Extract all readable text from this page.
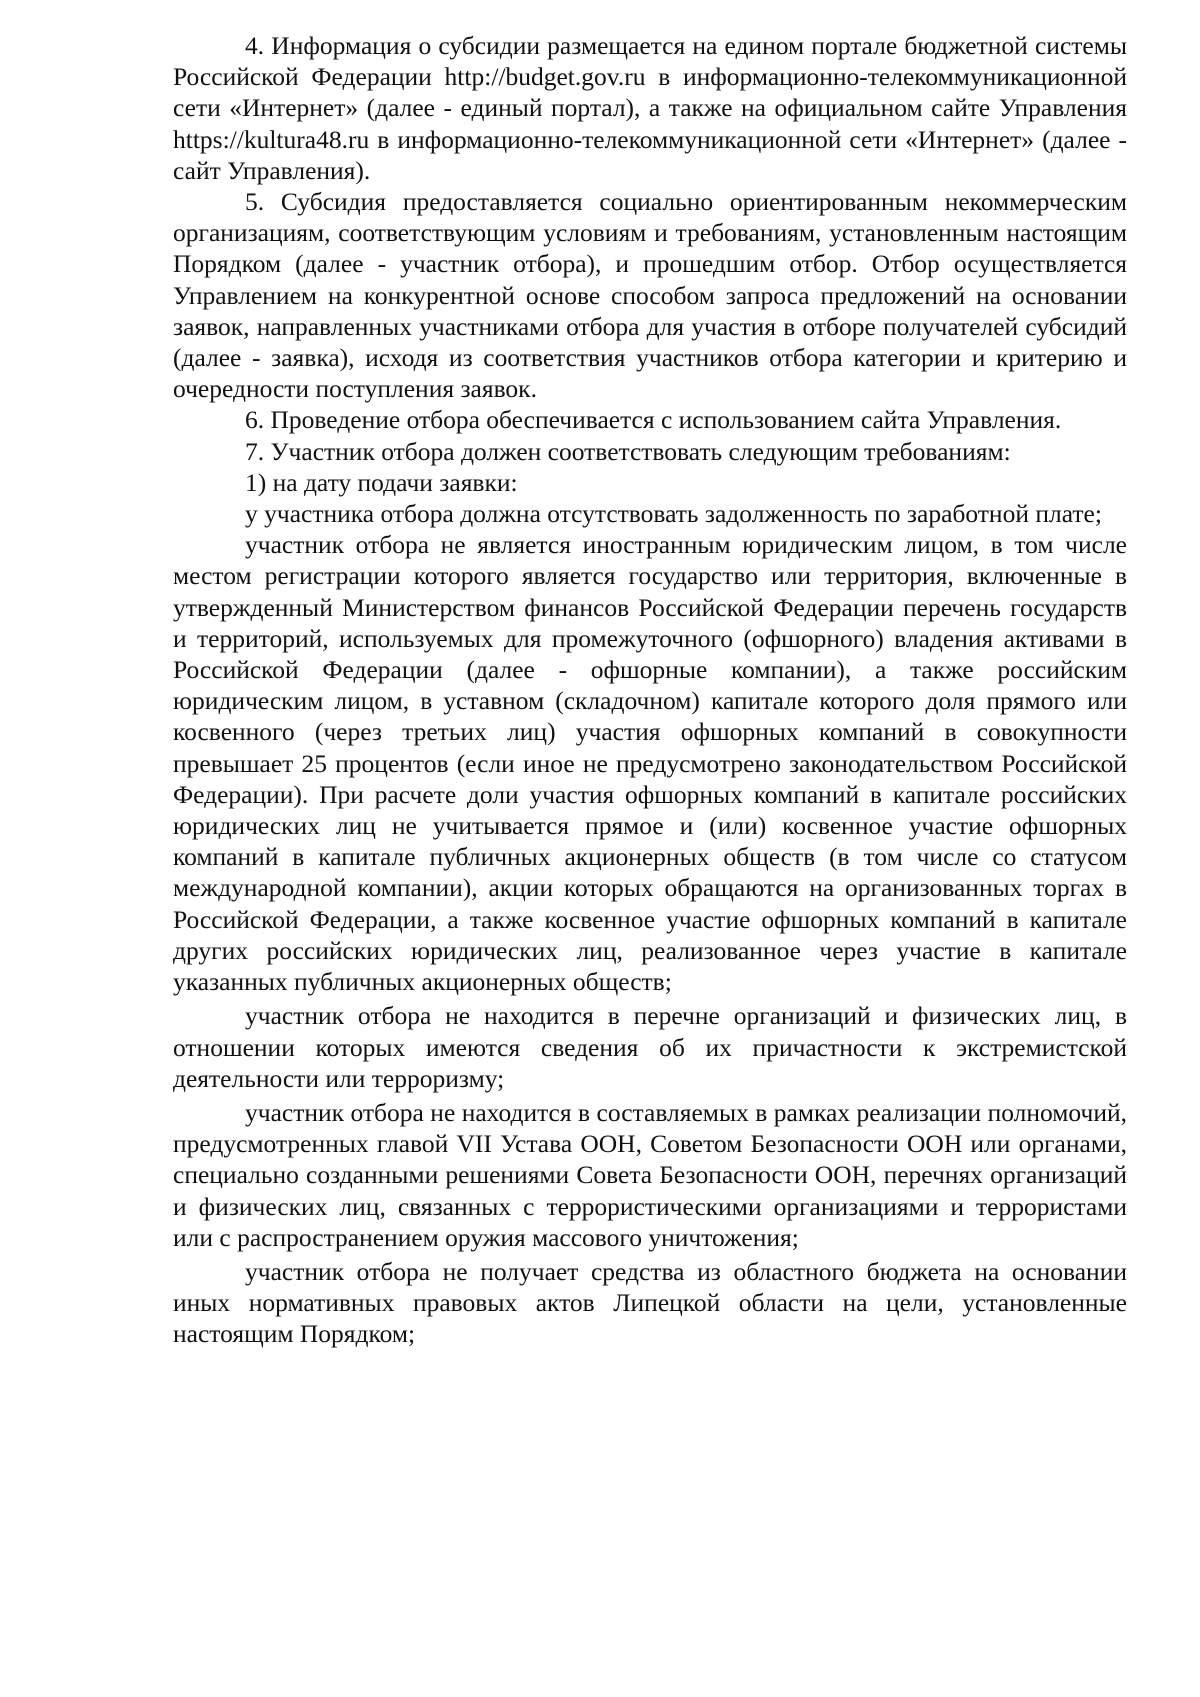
4. Информация о субсидии размещается на едином портале бюджетной системы Российской Федерации http://budget.gov.ru в информационно-телекоммуникационной сети «Интернет» (далее - единый портал), а также на официальном сайте Управления https://kultura48.ru в информационно-телекоммуникационной сети «Интернет» (далее - сайт Управления).

5. Субсидия предоставляется социально ориентированным некоммерческим организациям, соответствующим условиям и требованиям, установленным настоящим Порядком (далее - участник отбора), и прошедшим отбор. Отбор осуществляется Управлением на конкурентной основе способом запроса предложений на основании заявок, направленных участниками отбора для участия в отборе получателей субсидий (далее - заявка), исходя из соответствия участников отбора категории и критерию и очередности поступления заявок.

6. Проведение отбора обеспечивается с использованием сайта Управления.

7. Участник отбора должен соответствовать следующим требованиям:

1) на дату подачи заявки:

у участника отбора должна отсутствовать задолженность по заработной плате;

участник отбора не является иностранным юридическим лицом, в том числе местом регистрации которого является государство или территория, включенные в утвержденный Министерством финансов Российской Федерации перечень государств и территорий, используемых для промежуточного (офшорного) владения активами в Российской Федерации (далее - офшорные компании), а также российским юридическим лицом, в уставном (складочном) капитале которого доля прямого или косвенного (через третьих лиц) участия офшорных компаний в совокупности превышает 25 процентов (если иное не предусмотрено законодательством Российской Федерации). При расчете доли участия офшорных компаний в капитале российских юридических лиц не учитывается прямое и (или) косвенное участие офшорных компаний в капитале публичных акционерных обществ (в том числе со статусом международной компании), акции которых обращаются на организованных торгах в Российской Федерации, а также косвенное участие офшорных компаний в капитале других российских юридических лиц, реализованное через участие в капитале указанных публичных акционерных обществ;

участник отбора не находится в перечне организаций и физических лиц, в отношении которых имеются сведения об их причастности к экстремистской деятельности или терроризму;

участник отбора не находится в составляемых в рамках реализации полномочий, предусмотренных главой VII Устава ООН, Советом Безопасности ООН или органами, специально созданными решениями Совета Безопасности ООН, перечнях организаций и физических лиц, связанных с террористическими организациями и террористами или с распространением оружия массового уничтожения;

участник отбора не получает средства из областного бюджета на основании иных нормативных правовых актов Липецкой области на цели, установленные настоящим Порядком;
